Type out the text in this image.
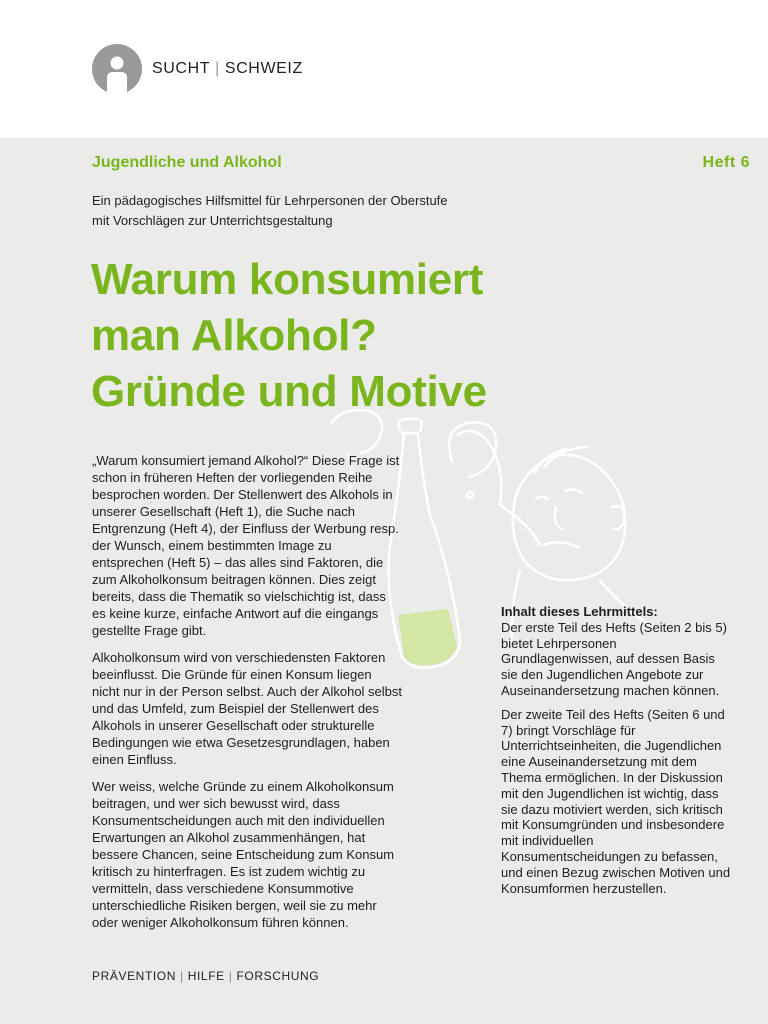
SUCHT | SCHWEIZ
Jugendliche und Alkohol	Heft 6
Ein pädagogisches Hilfsmittel für Lehrpersonen der Oberstufe
mit Vorschlägen zur Unterrichtsgestaltung
Warum konsumiert
man Alkohol?
Gründe und Motive

„Warum konsumiert jemand Alkohol?“ Diese Frage ist schon in früheren Heften der vorliegenden Reihe besprochen worden. Der Stellenwert des Alkohols in unserer Gesellschaft (Heft 1), die Suche nach Entgrenzung (Heft 4), der Einfluss der Werbung resp. der Wunsch, einem bestimmten Image zu entsprechen (Heft 5) – das alles sind Faktoren, die zum Alkoholkonsum beitragen können. Dies zeigt bereits, dass die Thematik so vielschichtig ist, dass es keine kurze, einfache Antwort auf die eingangs gestellte Frage gibt.

Alkoholkonsum wird von verschiedensten Faktoren beeinflusst. Die Gründe für einen Konsum liegen nicht nur in der Person selbst. Auch der Alkohol selbst und das Umfeld, zum Beispiel der Stellenwert des Alkohols in unserer Gesellschaft oder strukturelle Bedingungen wie etwa Gesetzesgrundlagen, haben einen Einfluss.

Wer weiss, welche Gründe zu einem Alkoholkonsum beitragen, und wer sich bewusst wird, dass Konsumentscheidungen auch mit den individuellen Erwartungen an Alkohol zusammenhängen, hat bessere Chancen, seine Entscheidung zum Konsum kritisch zu hinterfragen. Es ist zudem wichtig zu vermitteln, dass verschiedene Konsummotive unterschiedliche Risiken bergen, weil sie zu mehr oder weniger Alkoholkonsum führen können.

Inhalt dieses Lehrmittels:
Der erste Teil des Hefts (Seiten 2 bis 5) bietet Lehrpersonen Grundlagenwissen, auf dessen Basis sie den Jugendlichen Angebote zur Auseinandersetzung machen können.

Der zweite Teil des Hefts (Seiten 6 und 7) bringt Vorschläge für Unterrichtseinheiten, die Jugendlichen eine Auseinandersetzung mit dem Thema ermöglichen. In der Diskussion mit den Jugendlichen ist wichtig, dass sie dazu motiviert werden, sich kritisch mit Konsumgründen und insbesondere mit individuellen Konsumentscheidungen zu befassen, und einen Bezug zwischen Motiven und Konsumformen herzustellen.

PRÄVENTION | HILFE | FORSCHUNG
